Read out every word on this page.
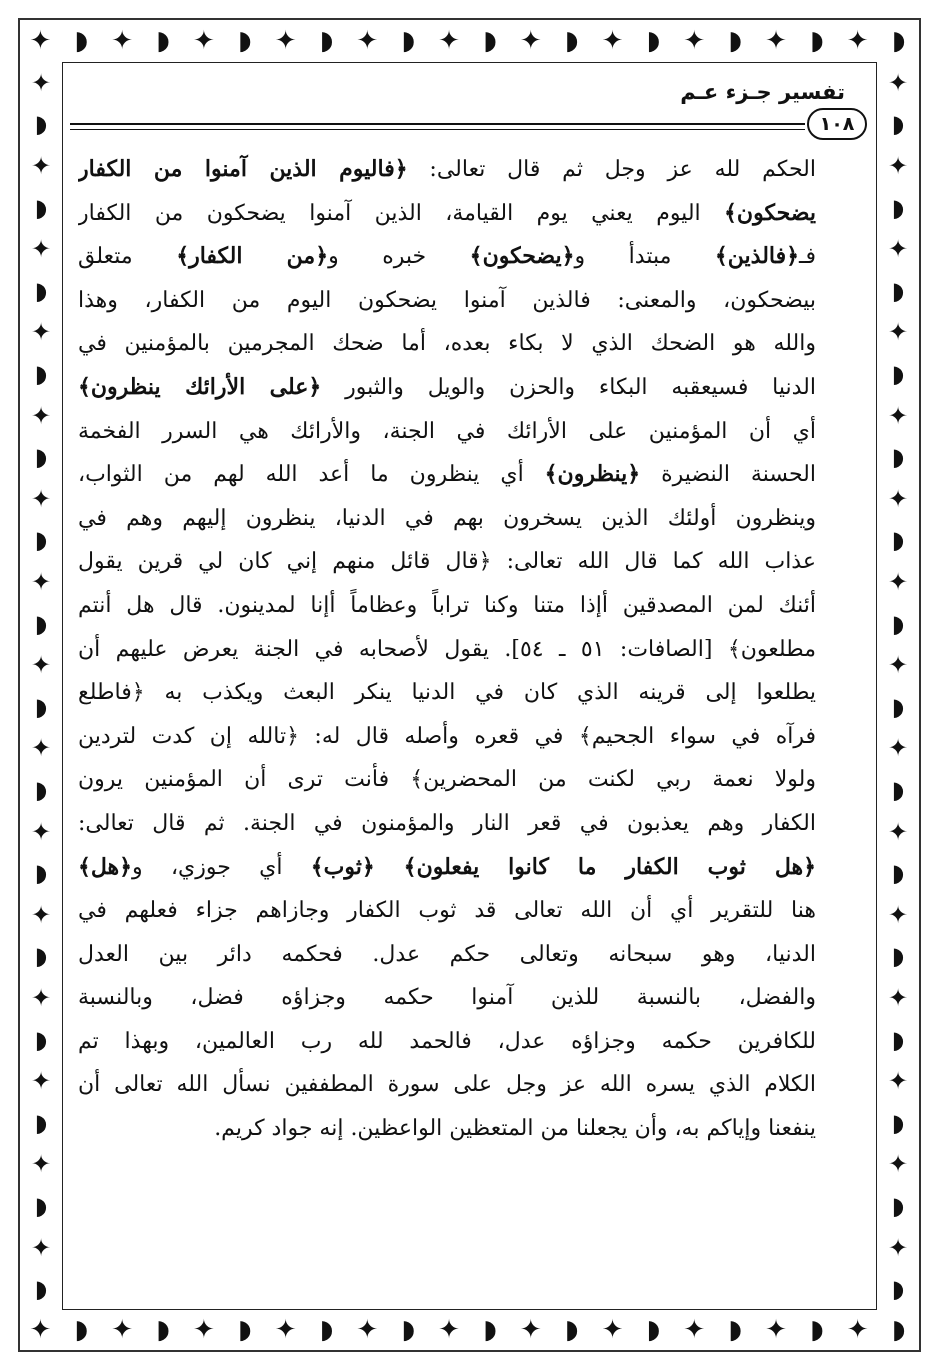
✦ ◗ ✦ ◗ ✦ ◗ ✦ ◗ ✦ ◗ ✦ ◗ ✦ ◗ ✦ ◗ ✦ ◗ ✦ ◗ ✦ ◗
✦ ◗ ✦ ◗ ✦ ◗ ✦ ◗ ✦ ◗ ✦ ◗ ✦ ◗ ✦ ◗ ✦ ◗ ✦ ◗ ✦ ◗
✦
◗
✦
◗
✦
◗
✦
◗
✦
◗
✦
◗
✦
◗
✦
◗
✦
◗
✦
◗
✦
◗
✦
◗
✦
◗
✦
◗
✦
◗
✦
◗
✦
◗
✦
◗
✦
◗
✦
◗
✦
◗
✦
◗
✦
◗
✦
◗
✦
◗
✦
◗
✦
◗
✦
◗
✦
◗
✦
◗
تفسير جـزء عـم
١٠٨
الحكم لله عز وجل ثم قال تعالى: ﴿فاليوم الذين آمنوا من الكفار
يضحكون﴾ اليوم يعني يوم القيامة، الذين آمنوا يضحكون من الكفار
فـ﴿فالذين﴾ مبتدأ و﴿يضحكون﴾ خبره و﴿من الكفار﴾ متعلق
بيضحكون، والمعنى: فالذين آمنوا يضحكون اليوم من الكفار، وهذا
والله هو الضحك الذي لا بكاء بعده، أما ضحك المجرمين بالمؤمنين في
الدنيا فسيعقبه البكاء والحزن والويل والثبور ﴿على الأرائك ينظرون﴾
أي أن المؤمنين على الأرائك في الجنة، والأرائك هي السرر الفخمة
الحسنة النضيرة ﴿ينظرون﴾ أي ينظرون ما أعد الله لهم من الثواب،
وينظرون أولئك الذين يسخرون بهم في الدنيا، ينظرون إليهم وهم في
عذاب الله كما قال الله تعالى: ﴿قال قائل منهم إني كان لي قرين يقول
أئنك لمن المصدقين أإذا متنا وكنا تراباً وعظاماً أإنا لمدينون. قال هل أنتم
مطلعون﴾ [الصافات: ٥١ ـ ٥٤]. يقول لأصحابه في الجنة يعرض عليهم أن
يطلعوا إلى قرينه الذي كان في الدنيا ينكر البعث ويكذب به ﴿فاطلع
فرآه في سواء الجحيم﴾ في قعره وأصله قال له: ﴿تالله إن كدت لتردين
ولولا نعمة ربي لكنت من المحضرين﴾ فأنت ترى أن المؤمنين يرون
الكفار وهم يعذبون في قعر النار والمؤمنون في الجنة. ثم قال تعالى:
﴿هل ثوب الكفار ما كانوا يفعلون﴾ ﴿ثوب﴾ أي جوزي، و﴿هل﴾
هنا للتقرير أي أن الله تعالى قد ثوب الكفار وجازاهم جزاء فعلهم في
الدنيا، وهو سبحانه وتعالى حكم عدل. فحكمه دائر بين العدل
والفضل، بالنسبة للذين آمنوا حكمه وجزاؤه فضل، وبالنسبة
للكافرين حكمه وجزاؤه عدل، فالحمد لله رب العالمين، وبهذا تم
الكلام الذي يسره الله عز وجل على سورة المطففين نسأل الله تعالى أن
ينفعنا وإياكم به، وأن يجعلنا من المتعظين الواعظين. إنه جواد كريم.
